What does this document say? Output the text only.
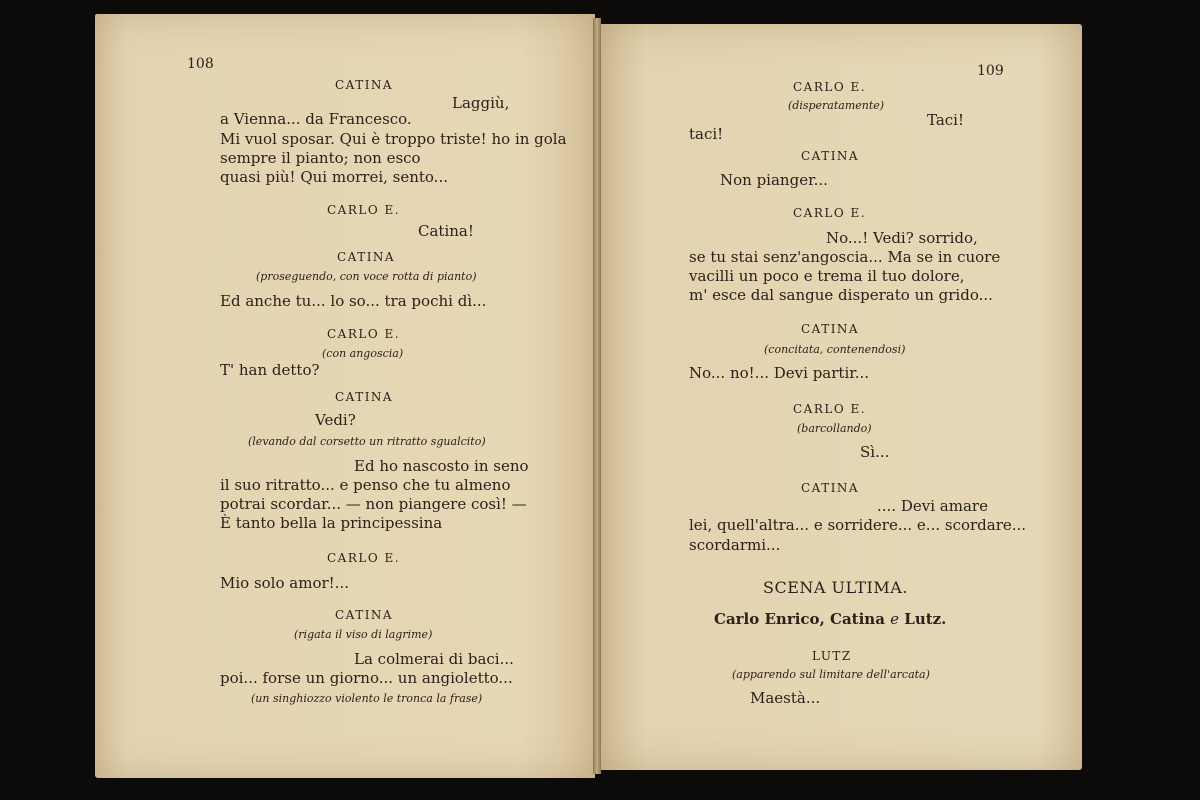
108
CATINA
Laggiù,
a Vienna... da Francesco.
Mi vuol sposar. Qui è troppo triste! ho in gola
sempre il pianto; non esco
quasi più! Qui morrei, sento...
CARLO E.
Catina!
CATINA
(proseguendo, con voce rotta di pianto)
Ed anche tu... lo so... tra pochi dì...
CARLO E.
(con angoscia)
T' han detto?
CATINA
Vedi?
(levando dal corsetto un ritratto sgualcito)
Ed ho nascosto in seno
il suo ritratto... e penso che tu almeno
potrai scordar... — non piangere così! —
È tanto bella la principessina
CARLO E.
Mio solo amor!...
CATINA
(rigata il viso di lagrime)
La colmerai di baci...
poi... forse un giorno... un angioletto...
(un singhiozzo violento le tronca la frase)
109
CARLO E.
(disperatamente)
Taci!
taci!
CATINA
Non pianger...
CARLO E.
No...! Vedi? sorrido,
se tu stai senz'angoscia... Ma se in cuore
vacilli un poco e trema il tuo dolore,
m' esce dal sangue disperato un grido...
CATINA
(concitata, contenendosi)
No... no!... Devi partir...
CARLO E.
(barcollando)
Sì...
CATINA
.... Devi amare
lei, quell'altra... e sorridere... e... scordare...
scordarmi...
SCENA ULTIMA.
Carlo Enrico, Catina e Lutz.
LUTZ
(apparendo sul limitare dell'arcata)
Maestà...
